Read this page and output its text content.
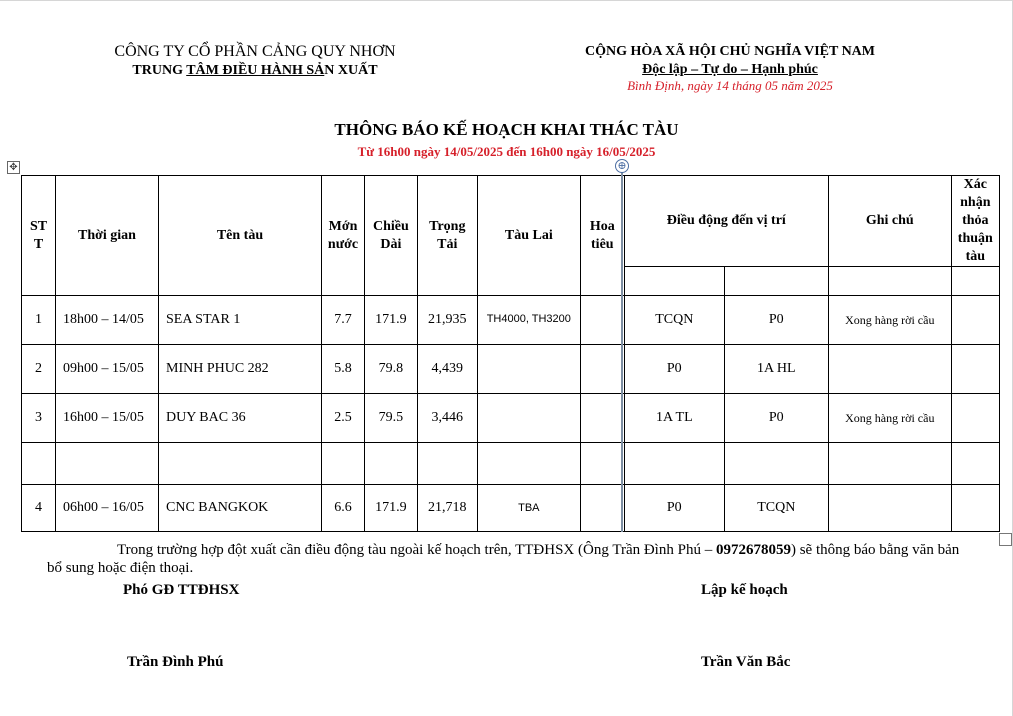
CÔNG TY CỔ PHẦN CẢNG QUY NHƠN
TRUNG TÂM ĐIỀU HÀNH SẢN XUẤT
CỘNG HÒA XÃ HỘI CHỦ NGHĨA VIỆT NAM
Độc lập – Tự do – Hạnh phúc
Bình Định, ngày 14 tháng 05 năm 2025
THÔNG BÁO KẾ HOẠCH KHAI THÁC TÀU
Từ 16h00 ngày 14/05/2025 đến 16h00 ngày 16/05/2025
✥
STT	Thời gian	Tên tàu	Mớn nước	Chiều Dài	Trọng Tải	Tàu Lai	Hoa tiêu	Điều động đến vị trí		Ghi chú	Xác nhận thỏa thuận tàu

1	18h00 – 14/05	SEA STAR 1	7.7	171.9	21,935	TH4000, TH3200		TCQN	P0	Xong hàng rời cầu	
2	09h00 – 15/05	MINH PHUC 282	5.8	79.8	4,439			P0	1A HL		
3	16h00 – 15/05	DUY BAC 36	2.5	79.5	3,446			1A TL	P0	Xong hàng rời cầu	

4	06h00 – 16/05	CNC BANGKOK	6.6	171.9	21,718	TBA		P0	TCQN		
⊕
Trong trường hợp đột xuất cần điều động tàu ngoài kế hoạch trên, TTĐHSX (Ông Trần Đình Phú – 0972678059) sẽ thông báo bằng văn bản bổ sung hoặc điện thoại.
Phó GĐ TTĐHSX	Lập kế hoạch
Trần Đình Phú	Trần Văn Bắc
